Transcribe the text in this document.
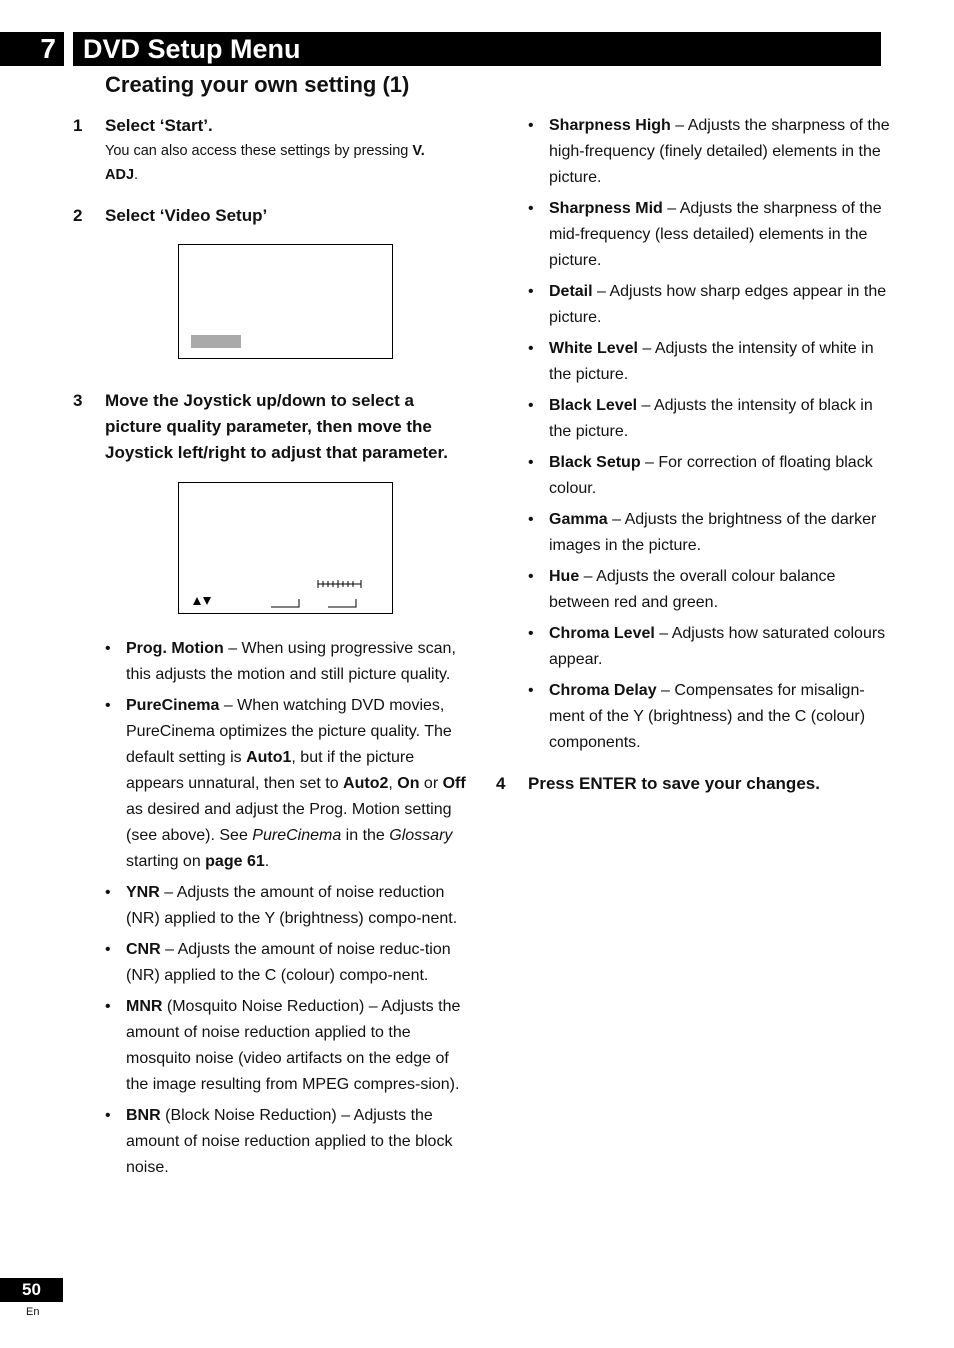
7	DVD Setup Menu
Creating your own setting (1)
1 Select ‘Start’.
You can also access these settings by pressing V. ADJ.
2 Select ‘Video Setup’
3 Move the Joystick up/down to select a picture quality parameter, then move the Joystick left/right to adjust that parameter.
• Prog. Motion – When using progressive scan, this adjusts the motion and still picture quality.
• PureCinema – When watching DVD movies, PureCinema optimizes the picture quality. The default setting is Auto1, but if the picture appears unnatural, then set to Auto2, On or Off as desired and adjust the Prog. Motion setting (see above). See PureCinema in the Glossary starting on page 61.
• YNR – Adjusts the amount of noise reduction (NR) applied to the Y (brightness) compo-nent.
• CNR – Adjusts the amount of noise reduc-tion (NR) applied to the C (colour) compo-nent.
• MNR (Mosquito Noise Reduction) – Adjusts the amount of noise reduction applied to the mosquito noise (video artifacts on the edge of the image resulting from MPEG compres-sion).
• BNR (Block Noise Reduction) – Adjusts the amount of noise reduction applied to the block noise.
• Sharpness High – Adjusts the sharpness of the high-frequency (finely detailed) elements in the picture.
• Sharpness Mid – Adjusts the sharpness of the mid-frequency (less detailed) elements in the picture.
• Detail – Adjusts how sharp edges appear in the picture.
• White Level – Adjusts the intensity of white in the picture.
• Black Level – Adjusts the intensity of black in the picture.
• Black Setup – For correction of floating black colour.
• Gamma – Adjusts the brightness of the darker images in the picture.
• Hue – Adjusts the overall colour balance between red and green.
• Chroma Level – Adjusts how saturated colours appear.
• Chroma Delay – Compensates for misalign-ment of the Y (brightness) and the C (colour) components.
4 Press ENTER to save your changes.
50
En
